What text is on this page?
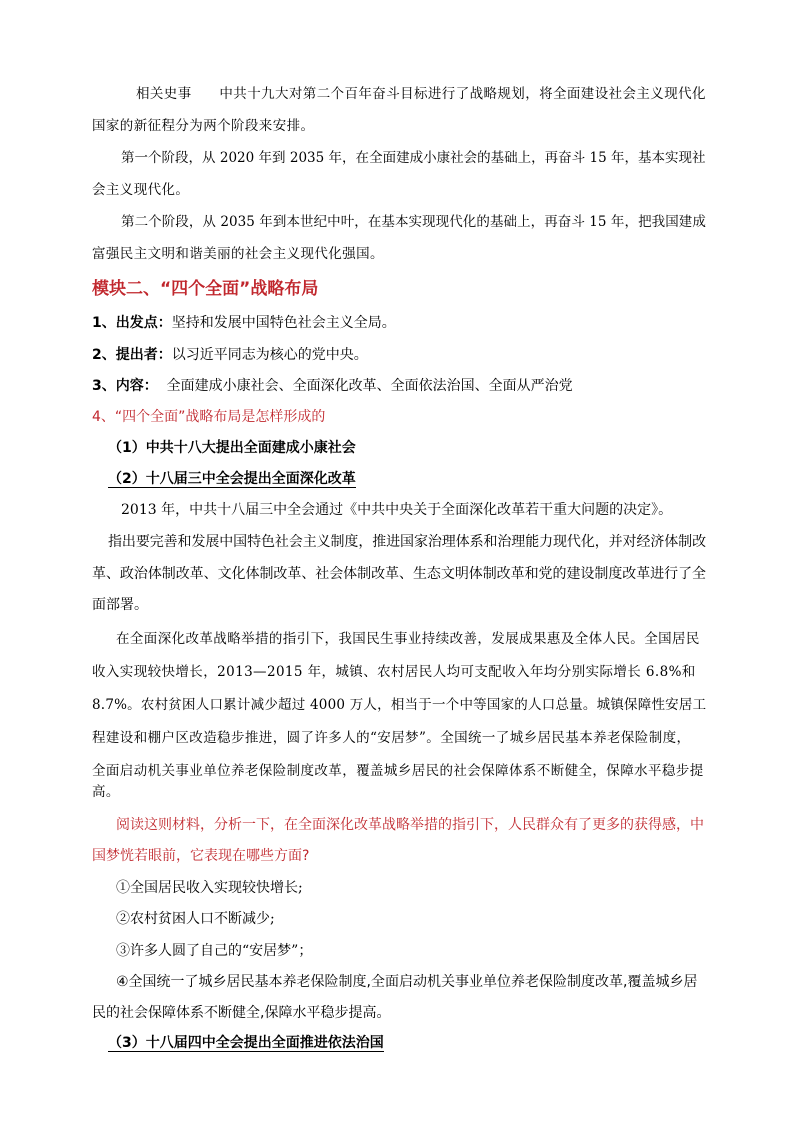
相关史事　　中共十九大对第二个百年奋斗目标进行了战略规划，将全面建设社会主义现代化
国家的新征程分为两个阶段来安排。
第一个阶段，从 2020 年到 2035 年，在全面建成小康社会的基础上，再奋斗 15 年，基本实现社
会主义现代化。
第二个阶段，从 2035 年到本世纪中叶，在基本实现现代化的基础上，再奋斗 15 年，把我国建成
富强民主文明和谐美丽的社会主义现代化强国。
模块二、“四个全面”战略布局
1、出发点：坚持和发展中国特色社会主义全局。
2、提出者：以习近平同志为核心的党中央。
3、内容： 全面建成小康社会、全面深化改革、全面依法治国、全面从严治党
4、“四个全面”战略布局是怎样形成的
（1）中共十八大提出全面建成小康社会
（2）十八届三中全会提出全面深化改革
2013 年，中共十八届三中全会通过《中共中央关于全面深化改革若干重大问题的决定》。
指出要完善和发展中国特色社会主义制度，推进国家治理体系和治理能力现代化，并对经济体制改
革、政治体制改革、文化体制改革、社会体制改革、生态文明体制改革和党的建设制度改革进行了全
面部署。
在全面深化改革战略举措的指引下，我国民生事业持续改善，发展成果惠及全体人民。全国居民
收入实现较快增长，2013—2015 年，城镇、农村居民人均可支配收入年均分别实际增长 6.8%和
8.7%。农村贫困人口累计减少超过 4000 万人，相当于一个中等国家的人口总量。城镇保障性安居工
程建设和棚户区改造稳步推进，圆了许多人的“安居梦”。全国统一了城乡居民基本养老保险制度，
全面启动机关事业单位养老保险制度改革，覆盖城乡居民的社会保障体系不断健全，保障水平稳步提
高。
阅读这则材料，分析一下，在全面深化改革战略举措的指引下，人民群众有了更多的获得感，中
国梦恍若眼前，它表现在哪些方面?
①全国居民收入实现较快增长;
②农村贫困人口不断减少;
③许多人圆了自己的“安居梦”；
④全国统一了城乡居民基本养老保险制度,全面启动机关事业单位养老保险制度改革,覆盖城乡居
民的社会保障体系不断健全,保障水平稳步提高。
（3）十八届四中全会提出全面推进依法治国
